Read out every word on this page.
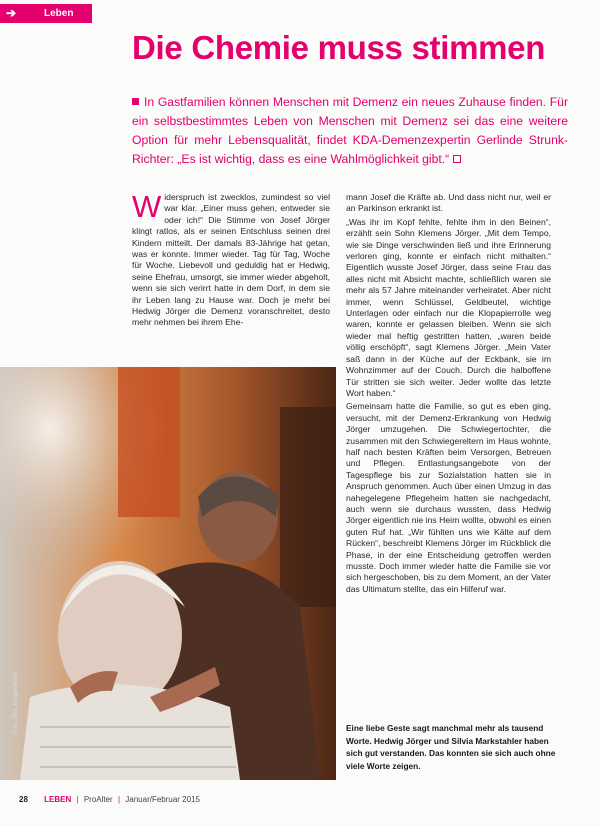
➔	Leben
Die Chemie muss stimmen

In Gastfamilien können Menschen mit Demenz ein neues Zuhause finden. Für ein selbstbestimmtes Leben von Menschen mit Demenz sei das eine weitere Option für mehr Lebensqualität, findet KDA-Demenzexpertin Gerlinde Strunk-Richter: „Es ist wichtig, dass es eine Wahlmöglichkeit gibt.“

Widerspruch ist zwecklos, zumindest so viel war klar. „Einer muss gehen, entweder sie oder ich!“ Die Stimme von Josef Jörger klingt ratlos, als er seinen Entschluss seinen drei Kindern mitteilt. Der damals 83-Jährige hat getan, was er konnte. Immer wieder. Tag für Tag, Woche für Woche. Liebevoll und geduldig hat er Hedwig, seine Ehefrau, umsorgt, sie immer wieder abgeholt, wenn sie sich verirrt hatte in dem Dorf, in dem sie ihr Leben lang zu Hause war. Doch je mehr bei Hedwig Jörger die Demenz voranschreitet, desto mehr nehmen bei ihrem Ehe-

mann Josef die Kräfte ab. Und dass nicht nur, weil er an Parkinson erkrankt ist.

„Was ihr im Kopf fehlte, fehlte ihm in den Beinen“, erzählt sein Sohn Klemens Jörger. „Mit dem Tempo, wie sie Dinge verschwinden ließ und ihre Erinnerung verloren ging, konnte er einfach nicht mithalten.“ Eigentlich wusste Josef Jörger, dass seine Frau das alles nicht mit Absicht machte, schließlich waren sie mehr als 57 Jahre miteinander verheiratet. Aber nicht immer, wenn Schlüssel, Geldbeutel, wichtige Unterlagen oder einfach nur die Klopapierrolle weg waren, konnte er gelassen bleiben. Wenn sie sich wieder mal heftig gestritten hatten, „waren beide völlig erschöpft“, sagt Klemens Jörger. „Mein Vater saß dann in der Küche auf der Eckbank, sie im Wohnzimmer auf der Couch. Durch die halboffene Tür stritten sie sich weiter. Jeder wollte das letzte Wort haben.“

Gemeinsam hatte die Familie, so gut es eben ging, versucht, mit der Demenz-Erkrankung von Hedwig Jörger umzugehen. Die Schwiegertochter, die zusammen mit den Schwiegereltern im Haus wohnte, half nach besten Kräften beim Versorgen, Betreuen und Pflegen. Entlastungsangebote von der Tagespflege bis zur Sozialstation hatten sie in Anspruch genommen. Auch über einen Umzug in das nahegelegene Pflegeheim hatten sie nachgedacht, auch wenn sie durchaus wussten, dass Hedwig Jörger eigentlich nie ins Heim wollte, obwohl es einen guten Ruf hat. „Wir fühlten uns wie Kälte auf dem Rücken“, beschreibt Klemens Jörger im Rückblick die Phase, in der eine Entscheidung getroffen werden musste. Doch immer wieder hatte die Familie sie vor sich hergeschoben, bis zu dem Moment, an der Vater das Ultimatum stellte, das ein Hilferuf war.

Foto: Bild: Krüger/Weiß	Eine liebe Geste sagt manchmal mehr als tausend Worte. Hedwig Jörger und Silvia Markstahler haben sich gut verstanden. Das konnten sie sich auch ohne viele Worte zeigen.

28 LEBEN | ProAlter | Januar/Februar 2015
